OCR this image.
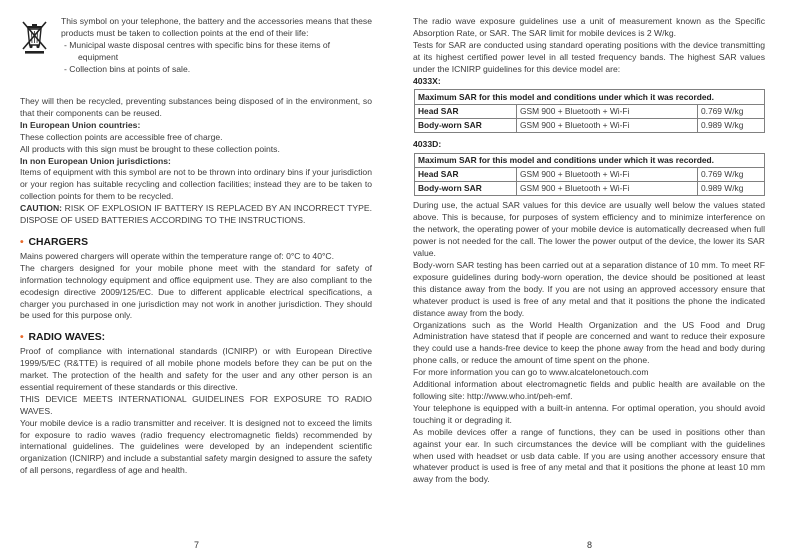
This symbol on your telephone, the battery and the accessories means that these products must be taken to collection points at the end of their life:

- Municipal waste disposal centres with specific bins for these items of
equipment
- Collection bins at points of sale.

They will then be recycled, preventing substances being disposed of in the environment, so that their components can be reused.

In European Union countries:
These collection points are accessible free of charge.
All products with this sign must be brought to these collection points.
In non European Union jurisdictions:

Items of equipment with this symbol are not to be thrown into ordinary bins if your jurisdiction or your region has suitable recycling and collection facilities; instead they are to be taken to collection points for them to be recycled.

CAUTION: RISK OF EXPLOSION IF BATTERY IS REPLACED BY AN INCORRECT TYPE. DISPOSE OF USED BATTERIES ACCORDING TO THE INSTRUCTIONS.

• CHARGERS

Mains powered chargers will operate within the temperature range of: 0°C to 40°C.

The chargers designed for your mobile phone meet with the standard for safety of information technology equipment and office equipment use. They are also compliant to the ecodesign directive 2009/125/EC. Due to different applicable electrical specifications, a charger you purchased in one jurisdiction may not work in another jurisdiction. They should be used for this purpose only.

• RADIO WAVES:

Proof of compliance with international standards (ICNIRP) or with European Directive 1999/5/EC (R&TTE) is required of all mobile phone models before they can be put on the market. The protection of the health and safety for the user and any other person is an essential requirement of these standards or this directive.

THIS DEVICE MEETS INTERNATIONAL GUIDELINES FOR EXPOSURE TO RADIO WAVES.

Your mobile device is a radio transmitter and receiver. It is designed not to exceed the limits for exposure to radio waves (radio frequency electromagnetic fields) recommended by international guidelines. The guidelines were developed by an independent scientific organization (ICNIRP) and include a substantial safety margin designed to assure the safety of all persons, regardless of age and health.

7

The radio wave exposure guidelines use a unit of measurement known as the Specific Absorption Rate, or SAR. The SAR limit for mobile devices is 2 W/kg.

Tests for SAR are conducted using standard operating positions with the device transmitting at its highest certified power level in all tested frequency bands. The highest SAR values under the ICNIRP guidelines for this device model are:

4033X:
Maximum SAR for this model and conditions under which it was recorded.		
Head SAR	GSM 900 + Bluetooth + Wi-Fi	0.769 W/kg
Body-worn SAR	GSM 900 + Bluetooth + Wi-Fi	0.989 W/kg
4033D:
Maximum SAR for this model and conditions under which it was recorded.		
Head SAR	GSM 900 + Bluetooth + Wi-Fi	0.769 W/kg
Body-worn SAR	GSM 900 + Bluetooth + Wi-Fi	0.989 W/kg

During use, the actual SAR values for this device are usually well below the values stated above. This is because, for purposes of system efficiency and to minimize interference on the network, the operating power of your mobile device is automatically decreased when full power is not needed for the call. The lower the power output of the device, the lower its SAR value.

Body-worn SAR testing has been carried out at a separation distance of 10 mm. To meet RF exposure guidelines during body-worn operation, the device should be positioned at least this distance away from the body. If you are not using an approved accessory ensure that whatever product is used is free of any metal and that it positions the phone the indicated distance away from the body.

Organizations such as the World Health Organization and the US Food and Drug Administration have statesd that if people are concerned and want to reduce their exposure they could use a hands-free device to keep the phone away from the head and body during phone calls, or reduce the amount of time spent on the phone.

For more information you can go to www.alcatelonetouch.com

Additional information about electromagnetic fields and public health are available on the following site: http://www.who.int/peh-emf.

Your telephone is equipped with a built-in antenna. For optimal operation, you should avoid touching it or degrading it.

As mobile devices offer a range of functions, they can be used in positions other than against your ear. In such circumstances the device will be compliant with the guidelines when used with headset or usb data cable. If you are using another accessory ensure that whatever product is used is free of any metal and that it positions the phone at least 10 mm away from the body.

8
